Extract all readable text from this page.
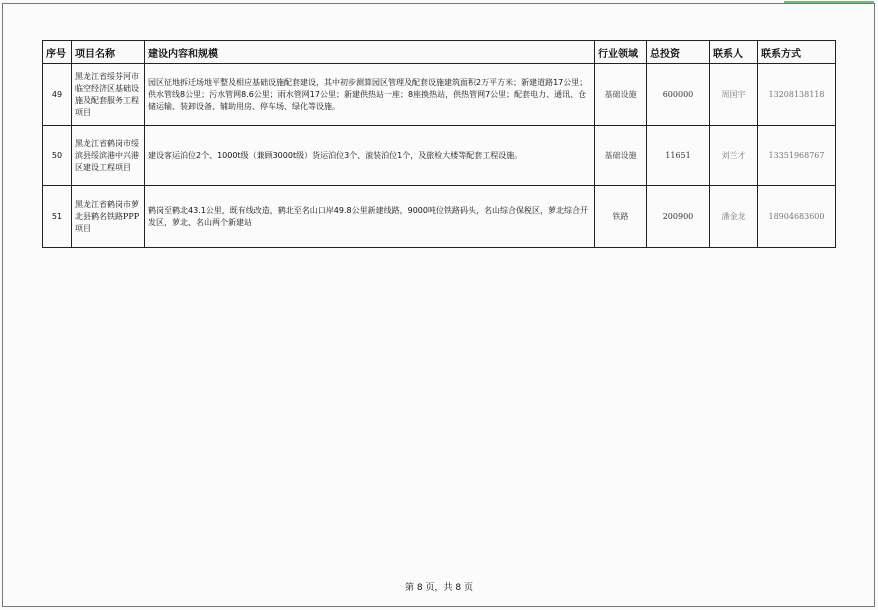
序号	项目名称	建设内容和规模	行业领域	总投资	联系人	联系方式
49	黑龙江省绥芬河市临空经济区基础设施及配套服务工程项目	园区征地拆迁场地平整及相应基础设施配套建设，其中初步测算园区管理及配套设施建筑面积2万平方米；新建道路17公里；供水管线8公里；污水管网8.6公里；雨水管网17公里；新建供热站一座；8座换热站，供热管网7公里；配套电力、通讯、仓储运输、装卸设备、辅助用房、停车场、绿化等设施。	基础设施	600000	周国宇	13208138118
50	黑龙江省鹤岗市绥滨县绥滨港中兴港区建设工程项目	建设客运泊位2个、1000t级（兼顾3000t级）货运泊位3个、滚装泊位1个，及旅检大楼等配套工程设施。	基础设施	11651	刘兰才	13351968767
51	黑龙江省鹤岗市萝北县鹤名铁路PPP项目	鹤岗至鹤北43.1公里，既有线改造，鹤北至名山口岸49.8公里新建线路，9000吨位铁路码头，名山综合保税区，萝北综合开发区，萝北、名山两个新建站	铁路	200900	潘金龙	18904683600
第 8 页，共 8 页
